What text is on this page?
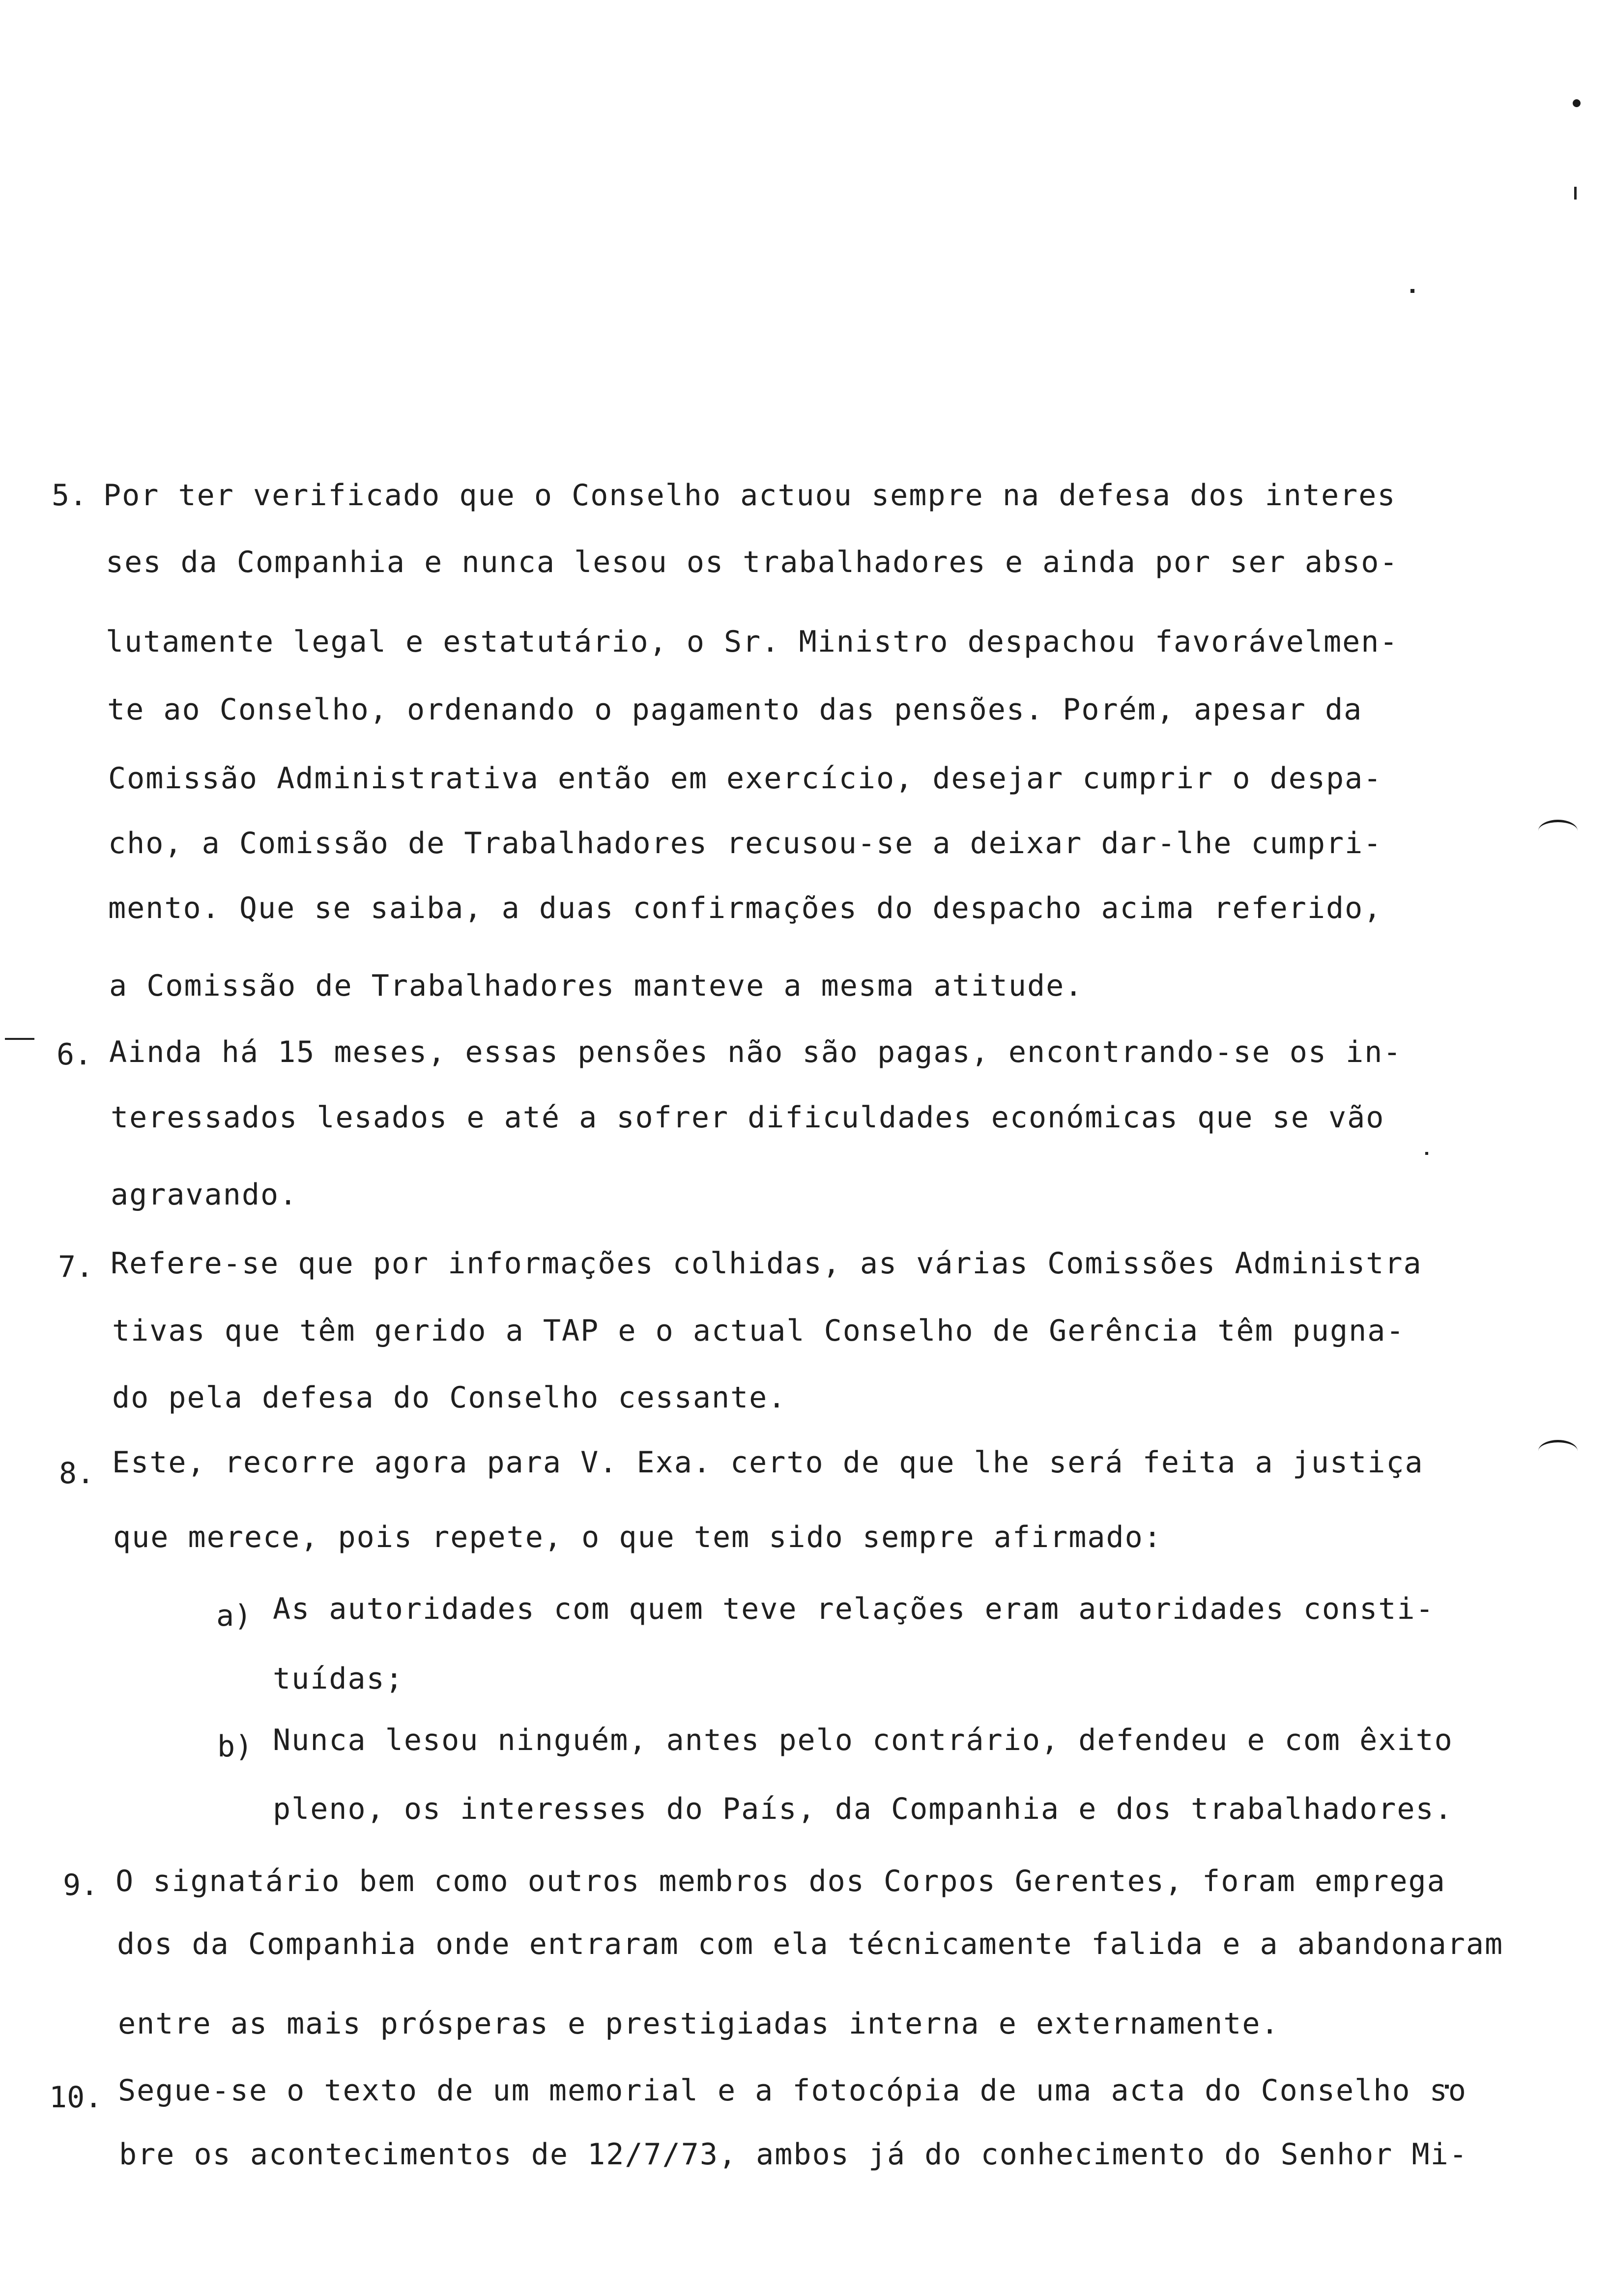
5. Por ter verificado que o Conselho actuou sempre na defesa dos interes
ses da Companhia e nunca lesou os trabalhadores e ainda por ser abso-
lutamente legal e estatutário, o Sr. Ministro despachou favorávelmen-
te ao Conselho, ordenando o pagamento das pensões. Porém, apesar da
Comissão Administrativa então em exercício, desejar cumprir o despa-
cho, a Comissão de Trabalhadores recusou-se a deixar dar-lhe cumpri-
mento. Que se saiba, a duas confirmações do despacho acima referido,
a Comissão de Trabalhadores manteve a mesma atitude.
6. Ainda há 15 meses, essas pensões não são pagas, encontrando-se os in-
teressados lesados e até a sofrer dificuldades económicas que se vão
agravando.
7. Refere-se que por informações colhidas, as várias Comissões Administra
tivas que têm gerido a TAP e o actual Conselho de Gerência têm pugna-
do pela defesa do Conselho cessante.
8. Este, recorre agora para V. Exa. certo de que lhe será feita a justiça
que merece, pois repete, o que tem sido sempre afirmado:
a) As autoridades com quem teve relações eram autoridades consti-
tuídas;
b) Nunca lesou ninguém, antes pelo contrário, defendeu e com êxito
pleno, os interesses do País, da Companhia e dos trabalhadores.
9. O signatário bem como outros membros dos Corpos Gerentes, foram emprega
dos da Companhia onde entraram com ela técnicamente falida e a abandonaram
entre as mais prósperas e prestigiadas interna e externamente.
10. Segue-se o texto de um memorial e a fotocópia de uma acta do Conselho so
bre os acontecimentos de 12/7/73, ambos já do conhecimento do Senhor Mi-
